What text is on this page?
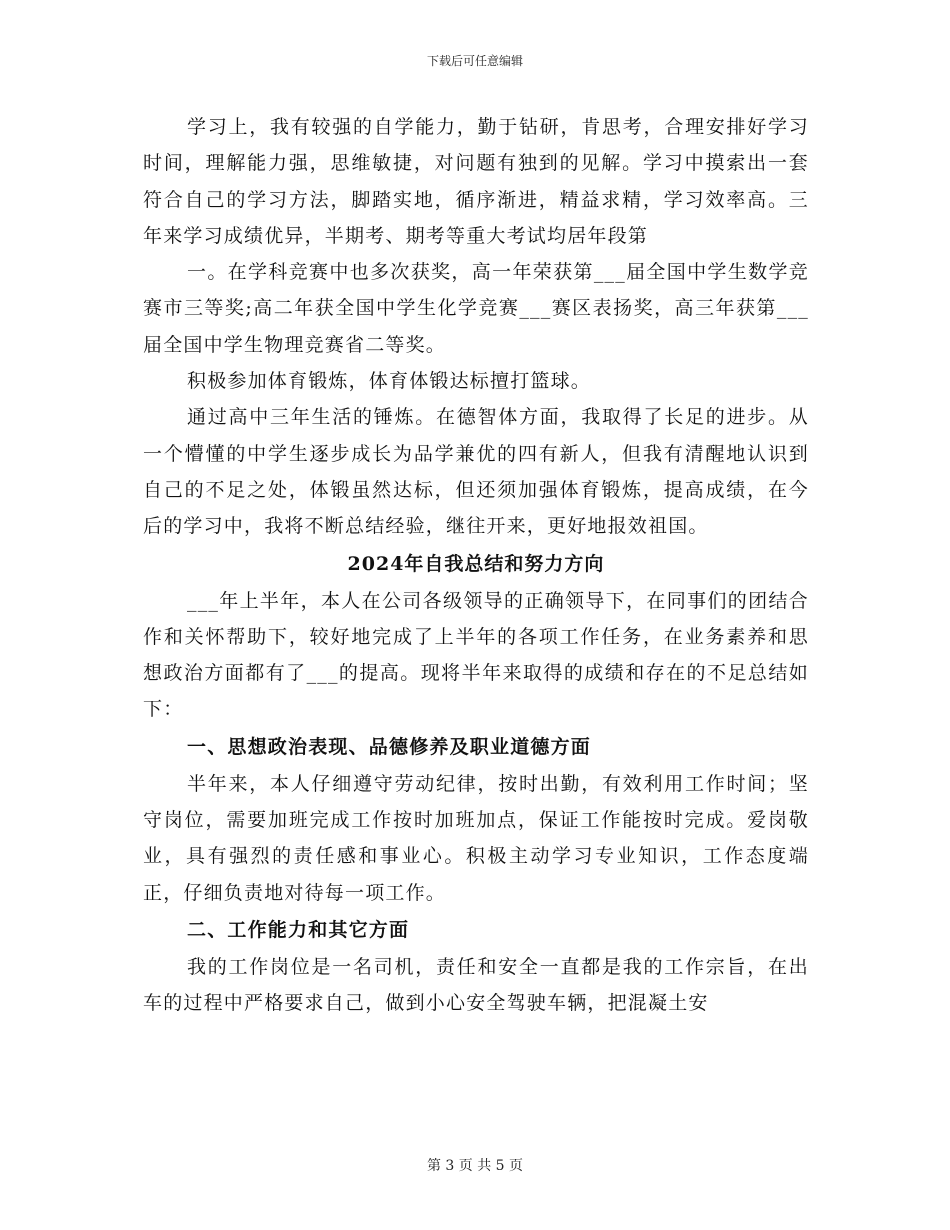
下载后可任意编辑

学习上，我有较强的自学能力，勤于钻研，肯思考，合理安排好学习时间，理解能力强，思维敏捷，对问题有独到的见解。学习中摸索出一套符合自己的学习方法，脚踏实地，循序渐进，精益求精，学习效率高。三年来学习成绩优异，半期考、期考等重大考试均居年段第

一。在学科竞赛中也多次获奖，高一年荣获第___届全国中学生数学竞赛市三等奖;高二年获全国中学生化学竞赛___赛区表扬奖，高三年获第___届全国中学生物理竞赛省二等奖。

积极参加体育锻炼，体育体锻达标擅打篮球。

通过高中三年生活的锤炼。在德智体方面，我取得了长足的进步。从一个懵懂的中学生逐步成长为品学兼优的四有新人，但我有清醒地认识到自己的不足之处，体锻虽然达标，但还须加强体育锻炼，提高成绩，在今后的学习中，我将不断总结经验，继往开来，更好地报效祖国。

2024年自我总结和努力方向

___年上半年，本人在公司各级领导的正确领导下，在同事们的团结合作和关怀帮助下，较好地完成了上半年的各项工作任务，在业务素养和思想政治方面都有了___的提高。现将半年来取得的成绩和存在的不足总结如下：

一、思想政治表现、品德修养及职业道德方面

半年来，本人仔细遵守劳动纪律，按时出勤，有效利用工作时间；坚守岗位，需要加班完成工作按时加班加点，保证工作能按时完成。爱岗敬业，具有强烈的责任感和事业心。积极主动学习专业知识，工作态度端正，仔细负责地对待每一项工作。

二、工作能力和其它方面

我的工作岗位是一名司机，责任和安全一直都是我的工作宗旨，在出车的过程中严格要求自己，做到小心安全驾驶车辆，把混凝土安

第 3 页 共 5 页
